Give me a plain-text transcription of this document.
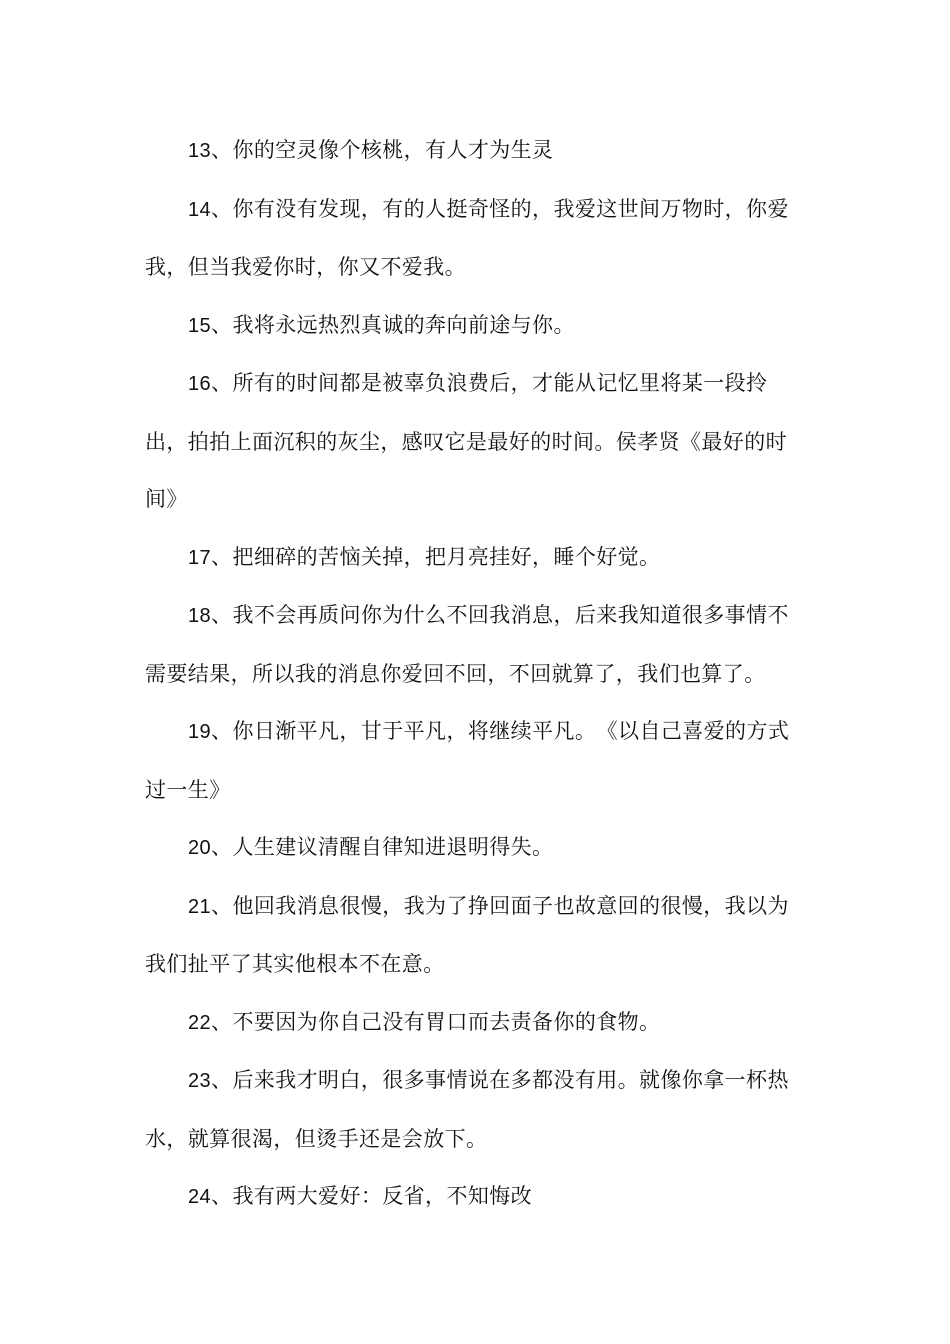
13、你的空灵像个核桃，有人才为生灵

14、你有没有发现，有的人挺奇怪的，我爱这世间万物时，你爱我，但当我爱你时，你又不爱我。

15、我将永远热烈真诚的奔向前途与你。

16、所有的时间都是被辜负浪费后，才能从记忆里将某一段拎出，拍拍上面沉积的灰尘，感叹它是最好的时间。侯孝贤《最好的时间》

17、把细碎的苦恼关掉，把月亮挂好，睡个好觉。

18、我不会再质问你为什么不回我消息，后来我知道很多事情不需要结果，所以我的消息你爱回不回，不回就算了，我们也算了。

19、你日渐平凡，甘于平凡，将继续平凡。　《以自己喜爱的方式过一生》

20、人生建议清醒自律知进退明得失。

21、他回我消息很慢，我为了挣回面子也故意回的很慢，我以为我们扯平了其实他根本不在意。

22、不要因为你自己没有胃口而去责备你的食物。

23、后来我才明白，很多事情说在多都没有用。就像你拿一杯热水，就算很渴，但烫手还是会放下。

24、我有两大爱好：反省，不知悔改
